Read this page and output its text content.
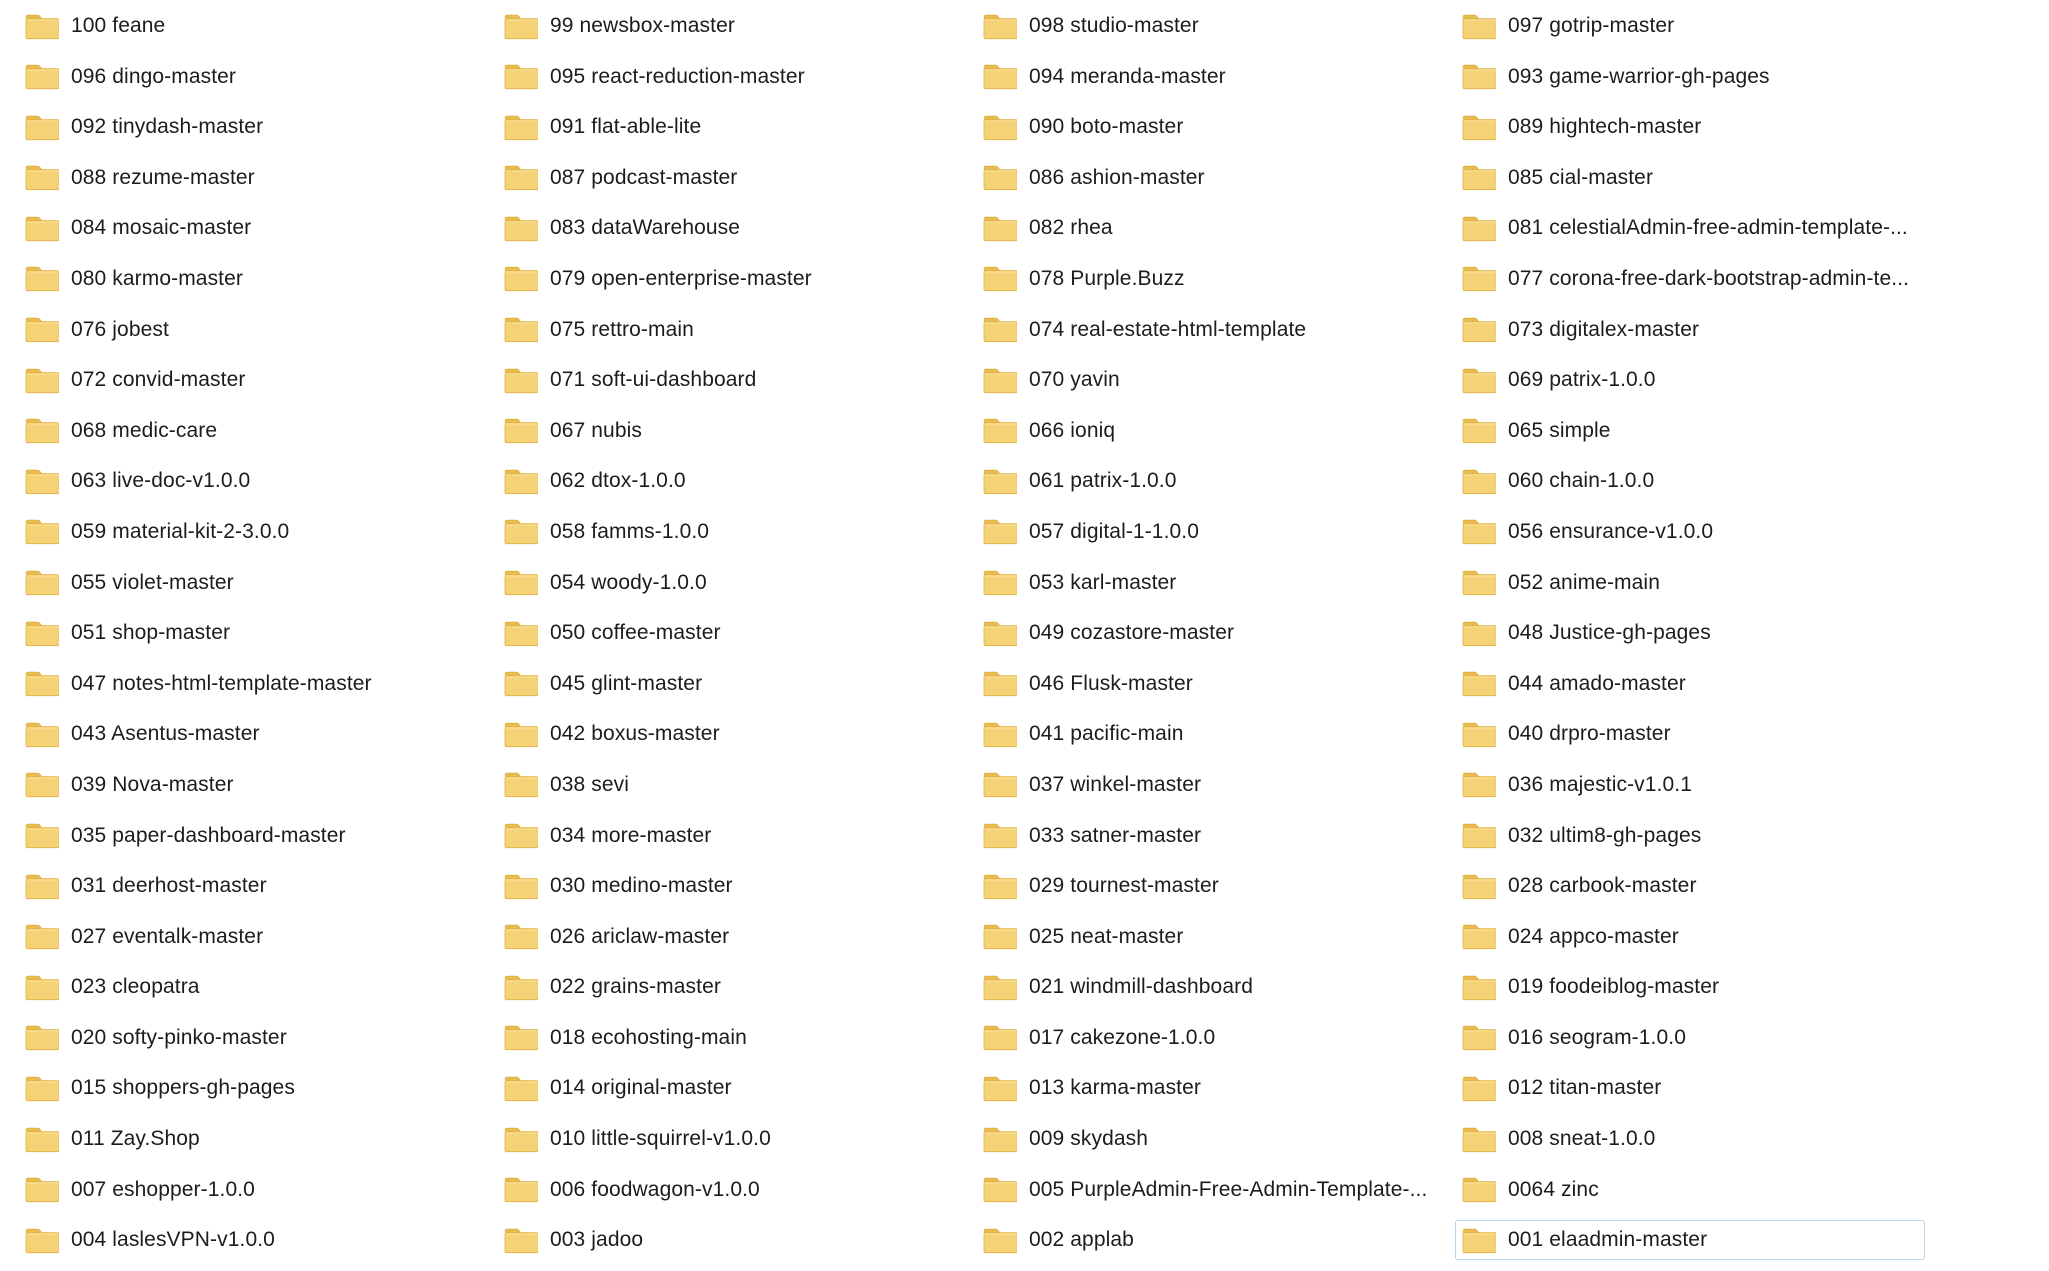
100 feane
096 dingo-master
092 tinydash-master
088 rezume-master
084 mosaic-master
080 karmo-master
076 jobest
072 convid-master
068 medic-care
063 live-doc-v1.0.0
059 material-kit-2-3.0.0
055 violet-master
051 shop-master
047 notes-html-template-master
043 Asentus-master
039 Nova-master
035 paper-dashboard-master
031 deerhost-master
027 eventalk-master
023 cleopatra
020 softy-pinko-master
015 shoppers-gh-pages
011 Zay.Shop
007 eshopper-1.0.0
004 laslesVPN-v1.0.0
99 newsbox-master
095 react-reduction-master
091 flat-able-lite
087 podcast-master
083 dataWarehouse
079 open-enterprise-master
075 rettro-main
071 soft-ui-dashboard
067 nubis
062 dtox-1.0.0
058 famms-1.0.0
054 woody-1.0.0
050 coffee-master
045 glint-master
042 boxus-master
038 sevi
034 more-master
030 medino-master
026 ariclaw-master
022 grains-master
018 ecohosting-main
014 original-master
010 little-squirrel-v1.0.0
006 foodwagon-v1.0.0
003 jadoo
098 studio-master
094 meranda-master
090 boto-master
086 ashion-master
082 rhea
078 Purple.Buzz
074 real-estate-html-template
070 yavin
066 ioniq
061 patrix-1.0.0
057 digital-1-1.0.0
053 karl-master
049 cozastore-master
046 Flusk-master
041 pacific-main
037 winkel-master
033 satner-master
029 tournest-master
025 neat-master
021 windmill-dashboard
017 cakezone-1.0.0
013 karma-master
009 skydash
005 PurpleAdmin-Free-Admin-Template-...
002 applab
097 gotrip-master
093 game-warrior-gh-pages
089 hightech-master
085 cial-master
081 celestialAdmin-free-admin-template-...
077 corona-free-dark-bootstrap-admin-te...
073 digitalex-master
069 patrix-1.0.0
065 simple
060 chain-1.0.0
056 ensurance-v1.0.0
052 anime-main
048 Justice-gh-pages
044 amado-master
040 drpro-master
036 majestic-v1.0.1
032 ultim8-gh-pages
028 carbook-master
024 appco-master
019 foodeiblog-master
016 seogram-1.0.0
012 titan-master
008 sneat-1.0.0
0064 zinc
001 elaadmin-master
